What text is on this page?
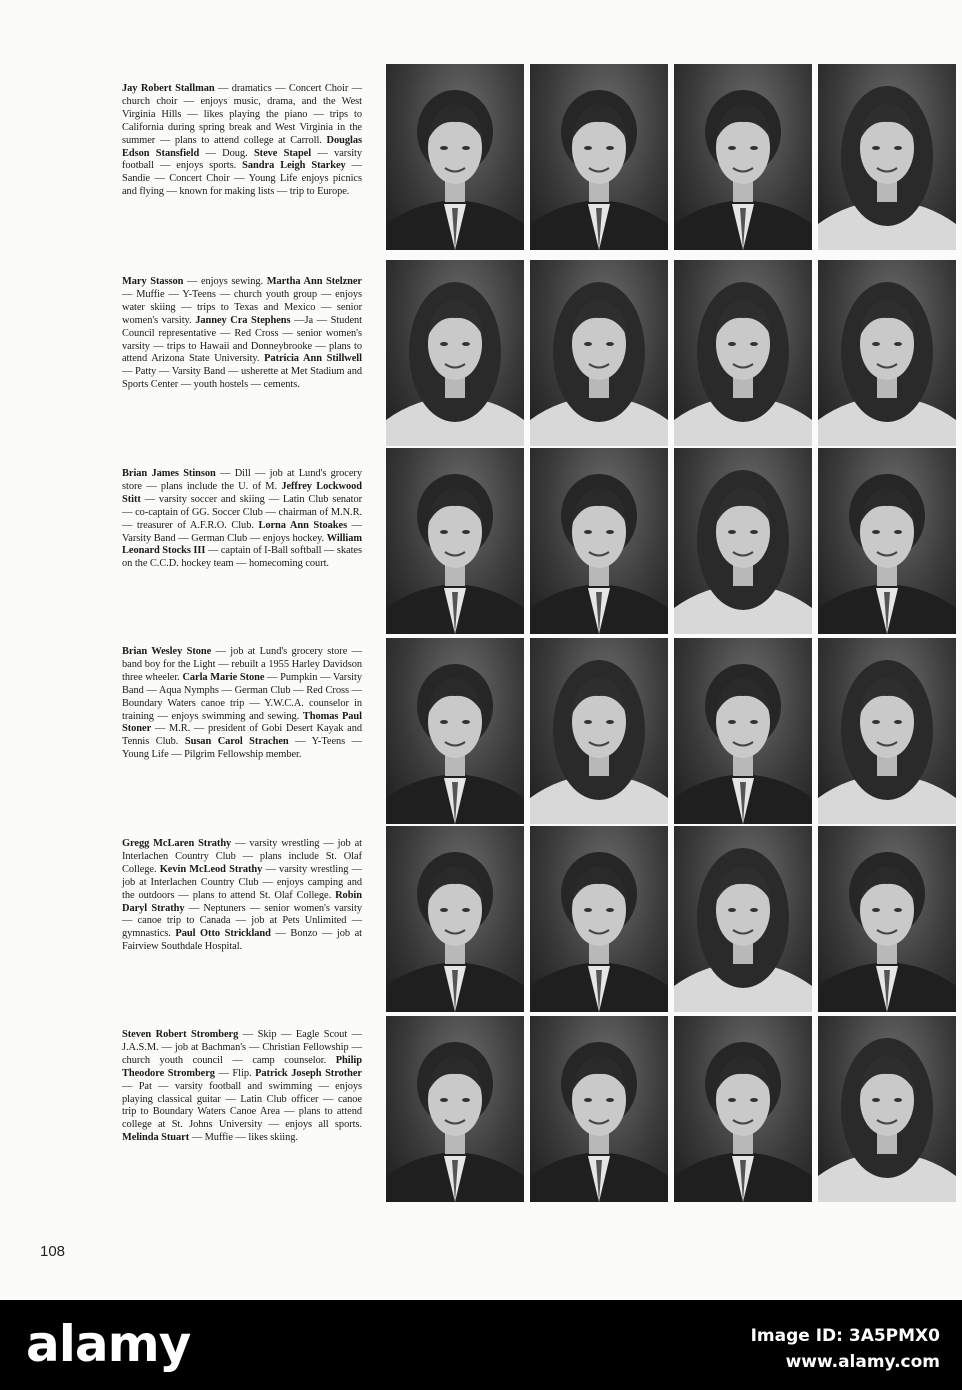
Jay Robert Stallman — dramatics — Concert Choir — church choir — enjoys music, drama, and the West Virginia Hills — likes playing the piano — trips to California during spring break and West Virginia in the summer — plans to attend college at Carroll. Douglas Edson Stansfield — Doug. Steve Stapel — varsity football — enjoys sports. Sandra Leigh Starkey — Sandie — Concert Choir — Young Life enjoys picnics and flying — known for making lists — trip to Europe.
Mary Stasson — enjoys sewing. Martha Ann Stelzner — Muffie — Y-Teens — church youth group — enjoys water skiing — trips to Texas and Mexico — senior women's varsity. Janney Cra Stephens —Ja — Student Council representative — Red Cross — senior women's varsity — trips to Hawaii and Donneybrooke — plans to attend Arizona State University. Patricia Ann Stillwell — Patty — Varsity Band — usherette at Met Stadium and Sports Center — youth hostels — cements.
Brian James Stinson — Dill — job at Lund's grocery store — plans include the U. of M. Jeffrey Lockwood Stitt — varsity soccer and skiing — Latin Club senator — co-captain of GG. Soccer Club — chairman of M.N.R. — treasurer of A.F.R.O. Club. Lorna Ann Stoakes — Varsity Band — German Club — enjoys hockey. William Leonard Stocks III — captain of I-Ball softball — skates on the C.C.D. hockey team — homecoming court.
Brian Wesley Stone — job at Lund's grocery store — band boy for the Light — rebuilt a 1955 Harley Davidson three wheeler. Carla Marie Stone — Pumpkin — Varsity Band — Aqua Nymphs — German Club — Red Cross — Boundary Waters canoe trip — Y.W.C.A. counselor in training — enjoys swimming and sewing. Thomas Paul Stoner — M.R. — president of Gobi Desert Kayak and Tennis Club. Susan Carol Strachen — Y-Teens — Young Life — Pilgrim Fellowship member.
Gregg McLaren Strathy — varsity wrestling — job at Interlachen Country Club — plans include St. Olaf College. Kevin McLeod Strathy — varsity wrestling — job at Interlachen Country Club — enjoys camping and the outdoors — plans to attend St. Olaf College. Robin Daryl Strathy — Neptuners — senior women's varsity — canoe trip to Canada — job at Pets Unlimited — gymnastics. Paul Otto Strickland — Bonzo — job at Fairview Southdale Hospital.
Steven Robert Stromberg — Skip — Eagle Scout — J.A.S.M. — job at Bachman's — Christian Fellowship — church youth council — camp counselor. Philip Theodore Stromberg — Flip. Patrick Joseph Strother — Pat — varsity football and swimming — enjoys playing classical guitar — Latin Club officer — canoe trip to Boundary Waters Canoe Area — plans to attend college at St. Johns University — enjoys all sports. Melinda Stuart — Muffie — likes skiing.
108
alamy	Image ID: 3A5PMX0
www.alamy.com
